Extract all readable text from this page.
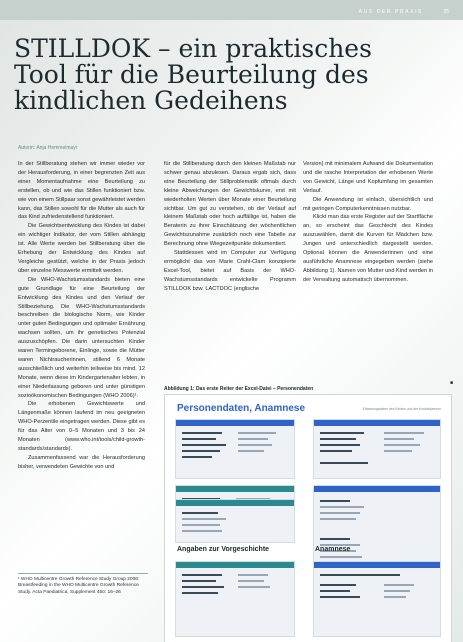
AUS DER PRAXIS	25
STILLDOK – ein praktisches Tool für die Beurteilung des kindlichen Gedeihens
Autorin: Anja Hemmelmayr

In der Stillberatung stehen wir immer wieder vor der Herausforderung, in einer begrenzten Zeit aus einer Momentaufnahme eine Beurteilung zu erstellen, ob und wie das Stillen funktioniert bzw. wie von einem Stillpaar sonst gewährleistet werden kann, das Stillen sowohl für die Mutter als auch für das Kind zufriedenstellend funktioniert.

Die Gewichtsentwicklung des Kindes ist dabei ein wichtiger Indikator, der vom Stillen abhängig ist. Alle Werte werden bei Stillberatung über die Erhebung der Entwicklung des Kindes auf Vergleiche gestützt, welche in der Praxis jedoch über einzelne Messwerte ermittelt werden.

Die WHO-Wachstumsstandards bieten eine gute Grundlage für eine Beurteilung der Entwicklung des Kindes und den Verlauf der Stillbeziehung. Die WHO-Wachstumsstandards beschreiben die biologische Norm, wie Kinder unter guten Bedingungen und optimaler Ernährung wachsen sollten, um ihr genetisches Potenzial auszuschöpfen. Die darin untersuchten Kinder waren Termingeborene, Einlinge, sowie die Mütter waren Nichtraucherinnen, stillend 6 Monate ausschließlich und weiterhin teilweise bis mind. 12 Monate, wenn diese im Kindergartenalter lebten, in einer Niederlassung geboren und unter günstigen sozioökonomischen Bedingungen (WHO 2006)¹.

Die erhobenen Gewichtswerte und Längenmaße können laufend im neu geeigneten WHO-Perzentile eingetragen werden. Diese gibt es für das Alter von 0–5 Monaten und 3 bis 24 Monaten (www.who.int/tools/child-growth-standards/standards).

Zusammenfassend war die Herausforderung bisher, verwendeten Gewichte von und

¹ WHO Multicentre Growth Reference Study Group 2006: Breastfeeding in the WHO Multicentre Growth Reference Study. Acta Paediatrica, Supplement 450: 16–26

für die Stillberatung durch den kleinen Maßstab nur schwer genau abzulesen. Daraus ergab sich, dass eine Beurteilung der Stillproblematik oftmals durch kleine Abweichungen der Gewichtskurve, erst mit wiederholten Werten über Monate einer Beurteilung sichtbar. Um gut zu verstehen, ob der Verlauf auf kleinem Maßstab oder hoch auffällige ist, haben die Beraterin zu ihrer Einschätzung der wöchentlichen Gewichtszunahme zusätzlich noch eine Tabelle zur Berechnung ohne Wiegezeitpunkte dokumentiert.

Stattdessen wird im Computer zur Verfügung ermöglicht das von Marie Crahl-Clam konzipierte Excel-Tool, bietet auf Basis der WHO-Wachstumsstandards entwickelte Programm STILLDOK bzw. LACTDOC (englische

Version) mit minimalem Aufwand die Dokumentation und die rasche Interpretation der erhobenen Werte von Gewicht, Länge und Kopfumfang im gesamten Verlauf.

Die Anwendung ist einfach, übersichtlich und mit geringen Computerkenntnissen nutzbar.

Klickt man das erste Register auf der Startfläche an, so erscheint das Geschlecht des Kindes auszuwählen, damit die Kurven für Mädchen bzw. Jungen und unterschiedlich dargestellt werden. Optional können die Anwenderinnen und eine ausführliche Anamnese eingegeben werden (siehe Abbildung 1). Namen von Mutter und Kind werden in der Verwaltung automatisch übernommen.

■
Abbildung 1: Das erste Reiter der Excel-Datei – Personendaten
Personendaten, Anamnese	Erfassungsdaten des Kindes und der Kontaktperson
Angaben zur Vorgeschichte	Anamnese
